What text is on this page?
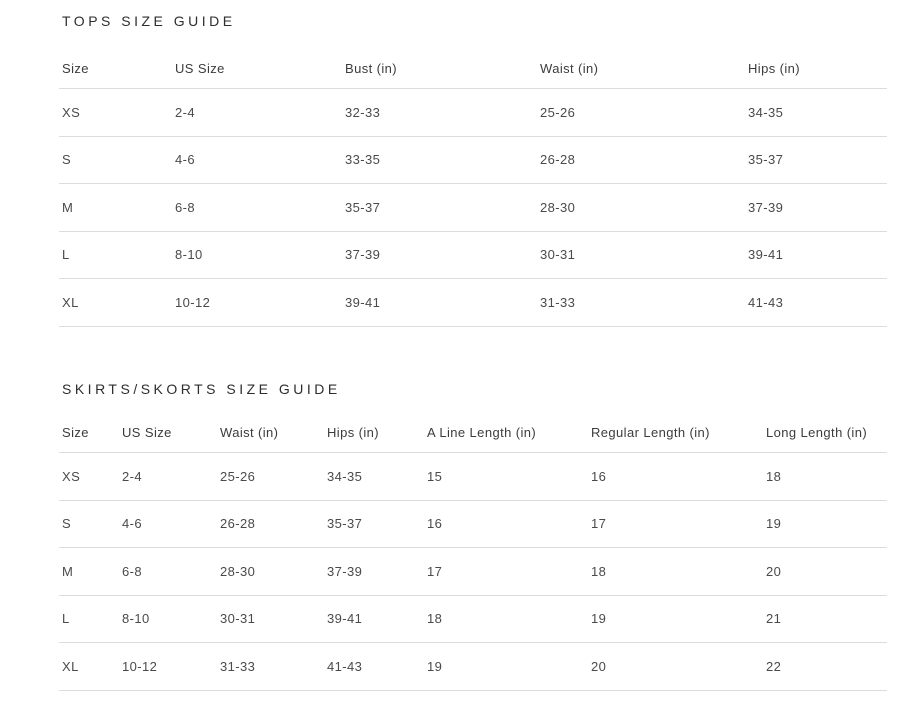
TOPS SIZE GUIDE
Size	US Size	Bust (in)	Waist (in)	Hips (in)
XS	2-4	32-33	25-26	34-35
S	4-6	33-35	26-28	35-37
M	6-8	35-37	28-30	37-39
L	8-10	37-39	30-31	39-41
XL	10-12	39-41	31-33	41-43
SKIRTS/SKORTS SIZE GUIDE
Size	US Size	Waist (in)	Hips (in)	A Line Length (in)	Regular Length (in)	Long Length (in)
XS	2-4	25-26	34-35	15	16	18
S	4-6	26-28	35-37	16	17	19
M	6-8	28-30	37-39	17	18	20
L	8-10	30-31	39-41	18	19	21
XL	10-12	31-33	41-43	19	20	22
